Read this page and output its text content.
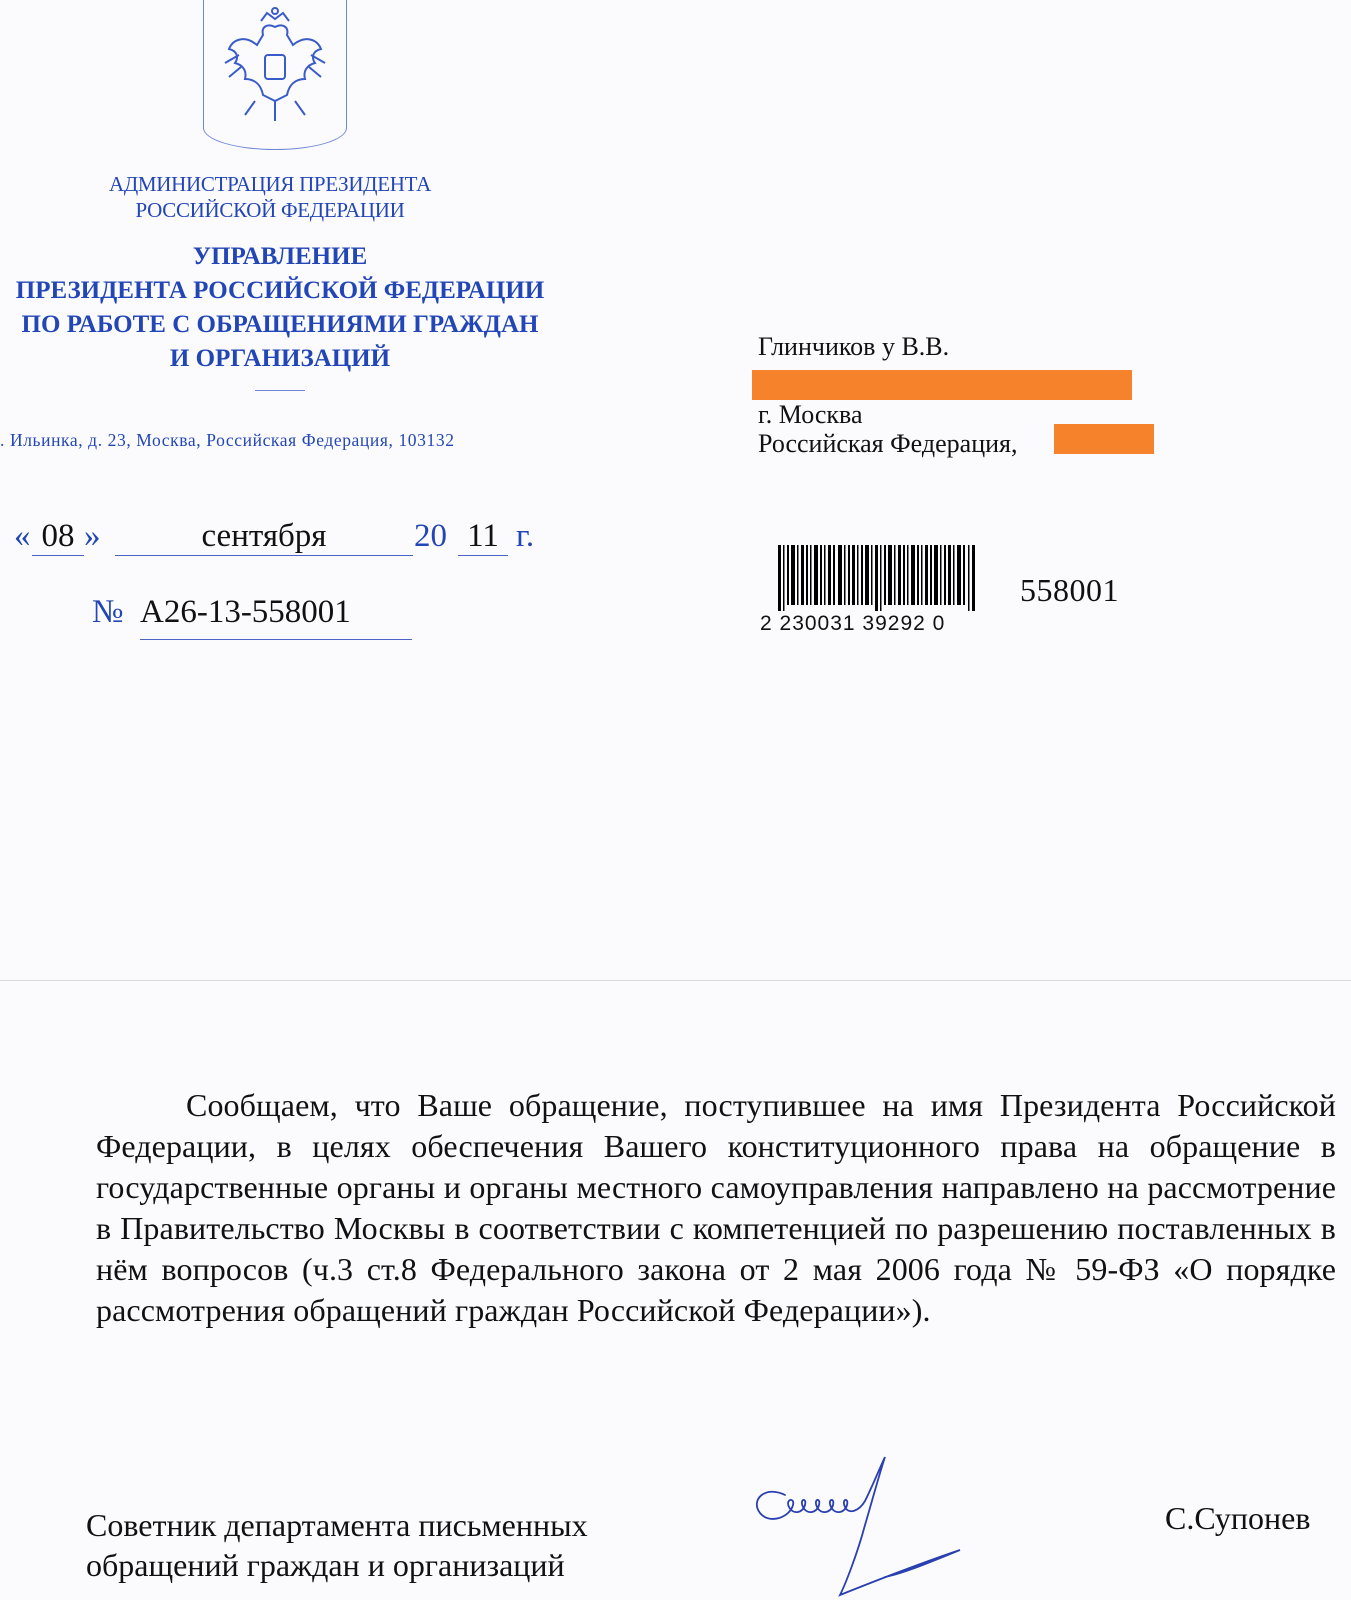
АДМИНИСТРАЦИЯ ПРЕЗИДЕНТА
РОССИЙСКОЙ ФЕДЕРАЦИИ
УПРАВЛЕНИЕ
ПРЕЗИДЕНТА РОССИЙСКОЙ ФЕДЕРАЦИИ
ПО РАБОТЕ С ОБРАЩЕНИЯМИ ГРАЖДАН
И ОРГАНИЗАЦИЙ
. Ильинка, д. 23, Москва, Российская Федерация, 103132
Глинчиков у В.В.
г. Москва
Российская Федерация,
« 08 »	сентября	20 11 г.
№ А26-13-558001	2 230031 39292 0
558001
Сообщаем, что Ваше обращение, поступившее на имя Президента Российской Федерации, в целях обеспечения Вашего конституционного права на обращение в государственные органы и органы местного самоуправления направлено на рассмотрение в Правительство Москвы в соответствии с компетенцией по разрешению поставленных в нём вопросов (ч.3 ст.8 Федерального закона от 2 мая 2006 года № 59-ФЗ «О порядке рассмотрения обращений граждан Российской Федерации»).
Советник департамента письменных
обращений граждан и организаций
С.Супонев
